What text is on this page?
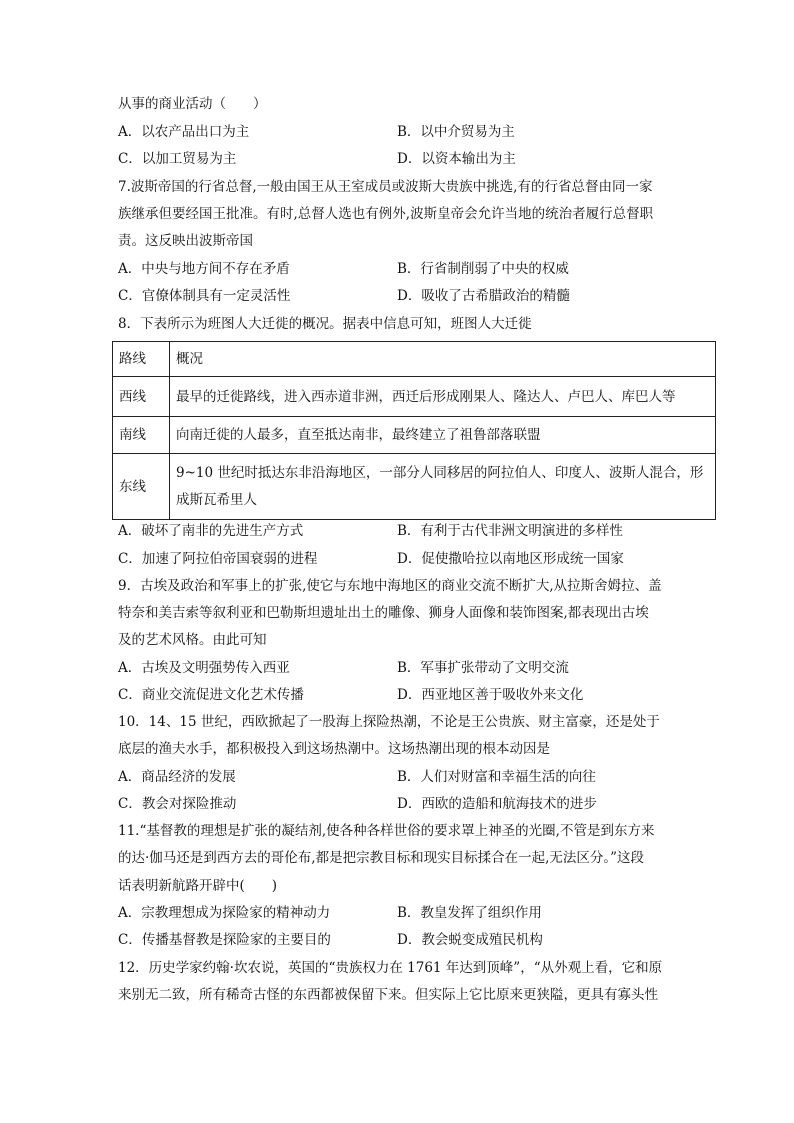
从事的商业活动（　　）
A．以农产品出口为主	B．以中介贸易为主
C．以加工贸易为主	D．以资本输出为主
7.波斯帝国的行省总督,一般由国王从王室成员或波斯大贵族中挑选,有的行省总督由同一家
族继承但要经国王批准。有时,总督人选也有例外,波斯皇帝会允许当地的统治者履行总督职
责。这反映出波斯帝国
A．中央与地方间不存在矛盾	B．行省制削弱了中央的权威
C．官僚体制具有一定灵活性	D．吸收了古希腊政治的精髓
8．下表所示为班图人大迁徙的概况。据表中信息可知，班图人大迁徙
路线	概况
西线	最早的迁徙路线，进入西赤道非洲，西迁后形成刚果人、隆达人、卢巴人、库巴人等
南线	向南迁徙的人最多，直至抵达南非，最终建立了祖鲁部落联盟
东线	9~10 世纪时抵达东非沿海地区，一部分人同移居的阿拉伯人、印度人、波斯人混合，形
成斯瓦希里人
A．破坏了南非的先进生产方式	B．有利于古代非洲文明演进的多样性
C．加速了阿拉伯帝国衰弱的进程	D．促使撒哈拉以南地区形成统一国家
9．古埃及政治和军事上的扩张,使它与东地中海地区的商业交流不断扩大,从拉斯舍姆拉、盖
特奈和美吉索等叙利亚和巴勒斯坦遗址出土的雕像、狮身人面像和装饰图案,都表现出古埃
及的艺术风格。由此可知
A．古埃及文明强势传入西亚	B．军事扩张带动了文明交流
C．商业交流促进文化艺术传播	D．西亚地区善于吸收外来文化
10．14、15 世纪，西欧掀起了一股海上探险热潮，不论是王公贵族、财主富豪，还是处于
底层的渔夫水手，都积极投入到这场热潮中。这场热潮出现的根本动因是
A．商品经济的发展	B．人们对财富和幸福生活的向往
C．教会对探险推动	D．西欧的造船和航海技术的进步
11.“基督教的理想是扩张的凝结剂,使各种各样世俗的要求罩上神圣的光圈,不管是到东方来
的达·伽马还是到西方去的哥伦布,都是把宗教目标和现实目标揉合在一起,无法区分。”这段
话表明新航路开辟中(　　)
A．宗教理想成为探险家的精神动力	B．教皇发挥了组织作用
C．传播基督教是探险家的主要目的	D．教会蜕变成殖民机构
12．历史学家约翰·坎农说，英国的“贵族权力在 1761 年达到顶峰”，“从外观上看，它和原
来别无二致，所有稀奇古怪的东西都被保留下来。但实际上它比原来更狭隘，更具有寡头性
